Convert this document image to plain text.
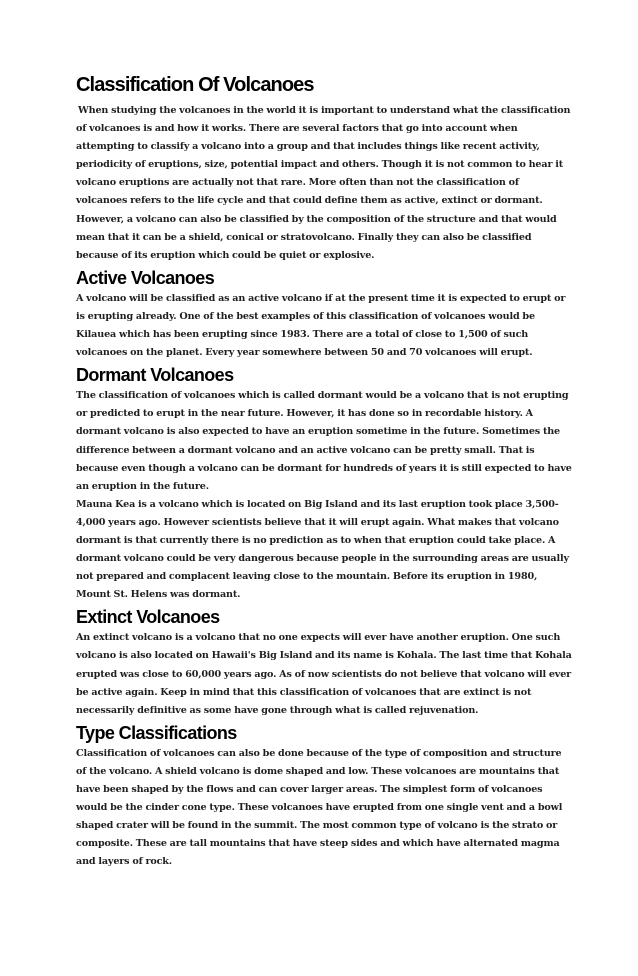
Classification Of Volcanoes

When studying the volcanoes in the world it is important to understand what the classification of volcanoes is and how it works. There are several factors that go into account when attempting to classify a volcano into a group and that includes things like recent activity, periodicity of eruptions, size, potential impact and others. Though it is not common to hear it volcano eruptions are actually not that rare. More often than not the classification of volcanoes refers to the life cycle and that could define them as active, extinct or dormant. However, a volcano can also be classified by the composition of the structure and that would mean that it can be a shield, conical or stratovolcano. Finally they can also be classified because of its eruption which could be quiet or explosive.

Active Volcanoes

A volcano will be classified as an active volcano if at the present time it is expected to erupt or is erupting already. One of the best examples of this classification of volcanoes would be Kilauea which has been erupting since 1983. There are a total of close to 1,500 of such volcanoes on the planet. Every year somewhere between 50 and 70 volcanoes will erupt.

Dormant Volcanoes

The classification of volcanoes which is called dormant would be a volcano that is not erupting or predicted to erupt in the near future. However, it has done so in recordable history. A dormant volcano is also expected to have an eruption sometime in the future. Sometimes the difference between a dormant volcano and an active volcano can be pretty small. That is because even though a volcano can be dormant for hundreds of years it is still expected to have an eruption in the future.

Mauna Kea is a volcano which is located on Big Island and its last eruption took place 3,500-4,000 years ago. However scientists believe that it will erupt again. What makes that volcano dormant is that currently there is no prediction as to when that eruption could take place. A dormant volcano could be very dangerous because people in the surrounding areas are usually not prepared and complacent leaving close to the mountain. Before its eruption in 1980, Mount St. Helens was dormant.

Extinct Volcanoes

An extinct volcano is a volcano that no one expects will ever have another eruption. One such volcano is also located on Hawaii's Big Island and its name is Kohala. The last time that Kohala erupted was close to 60,000 years ago. As of now scientists do not believe that volcano will ever be active again. Keep in mind that this classification of volcanoes that are extinct is not necessarily definitive as some have gone through what is called rejuvenation.

Type Classifications

Classification of volcanoes can also be done because of the type of composition and structure of the volcano. A shield volcano is dome shaped and low. These volcanoes are mountains that have been shaped by the flows and can cover larger areas. The simplest form of volcanoes would be the cinder cone type. These volcanoes have erupted from one single vent and a bowl shaped crater will be found in the summit. The most common type of volcano is the strato or composite. These are tall mountains that have steep sides and which have alternated magma and layers of rock.
